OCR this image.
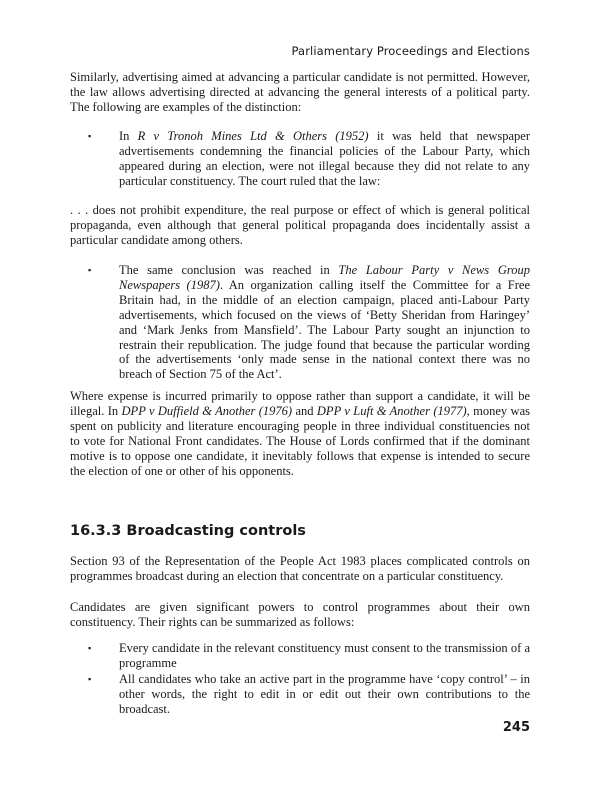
Parliamentary Proceedings and Elections
Similarly, advertising aimed at advancing a particular candidate is not permitted. However, the law allows advertising directed at advancing the general interests of a political party. The following are examples of the distinction:
▪ In R v Tronoh Mines Ltd & Others (1952) it was held that newspaper advertisements condemning the financial policies of the Labour Party, which appeared during an election, were not illegal because they did not relate to any particular constituency. The court ruled that the law:
. . . does not prohibit expenditure, the real purpose or effect of which is general political propaganda, even although that general political propaganda does incidentally assist a particular candidate among others.
▪ The same conclusion was reached in The Labour Party v News Group Newspapers (1987). An organization calling itself the Committee for a Free Britain had, in the middle of an election campaign, placed anti-Labour Party advertisements, which focused on the views of ‘Betty Sheridan from Haringey’ and ‘Mark Jenks from Mansfield’. The Labour Party sought an injunction to restrain their republication. The judge found that because the particular wording of the advertisements ‘only made sense in the national context there was no breach of Section 75 of the Act’.
Where expense is incurred primarily to oppose rather than support a candidate, it will be illegal. In DPP v Duffield & Another (1976) and DPP v Luft & Another (1977), money was spent on publicity and literature encouraging people in three individual constituencies not to vote for National Front candidates. The House of Lords confirmed that if the dominant motive is to oppose one candidate, it inevitably follows that expense is intended to secure the election of one or other of his opponents.
16.3.3 Broadcasting controls
Section 93 of the Representation of the People Act 1983 places complicated controls on programmes broadcast during an election that concentrate on a particular constituency.
Candidates are given significant powers to control programmes about their own constituency. Their rights can be summarized as follows:
▪ Every candidate in the relevant constituency must consent to the transmission of a programme
▪ All candidates who take an active part in the programme have ‘copy control’ – in other words, the right to edit in or edit out their own contributions to the broadcast.
245
